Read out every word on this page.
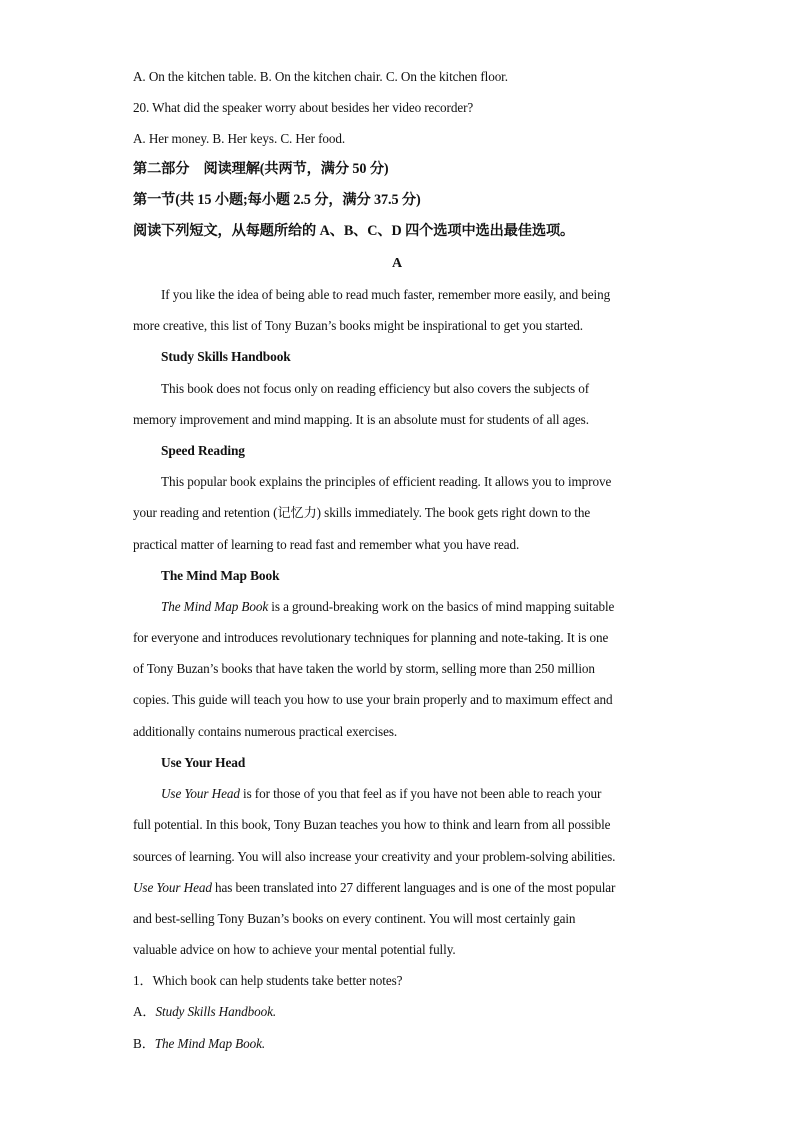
A. On the kitchen table. B. On the kitchen chair. C. On the kitchen floor.
20. What did the speaker worry about besides her video recorder?
A. Her money. B. Her keys. C. Her food.
第二部分　阅读理解(共两节，满分 50 分)
第一节(共 15 小题;每小题 2.5 分，满分 37.5 分)
阅读下列短文，从每题所给的 A、B、C、D 四个选项中选出最佳选项。
A
If you like the idea of being able to read much faster, remember more easily, and being
more creative, this list of Tony Buzan’s books might be inspirational to get you started.
Study Skills Handbook
This book does not focus only on reading efficiency but also covers the subjects of
memory improvement and mind mapping. It is an absolute must for students of all ages.
Speed Reading
This popular book explains the principles of efficient reading. It allows you to improve
your reading and retention (记忆力) skills immediately. The book gets right down to the
practical matter of learning to read fast and remember what you have read.
The Mind Map Book
The Mind Map Book is a ground-breaking work on the basics of mind mapping suitable
for everyone and introduces revolutionary techniques for planning and note-taking. It is one
of Tony Buzan’s books that have taken the world by storm, selling more than 250 million
copies. This guide will teach you how to use your brain properly and to maximum effect and
additionally contains numerous practical exercises.
Use Your Head
Use Your Head is for those of you that feel as if you have not been able to reach your
full potential. In this book, Tony Buzan teaches you how to think and learn from all possible
sources of learning. You will also increase your creativity and your problem-solving abilities.
Use Your Head has been translated into 27 different languages and is one of the most popular
and best-selling Tony Buzan’s books on every continent. You will most certainly gain
valuable advice on how to achieve your mental potential fully.
1．Which book can help students take better notes?
A．Study Skills Handbook.
B．The Mind Map Book.
